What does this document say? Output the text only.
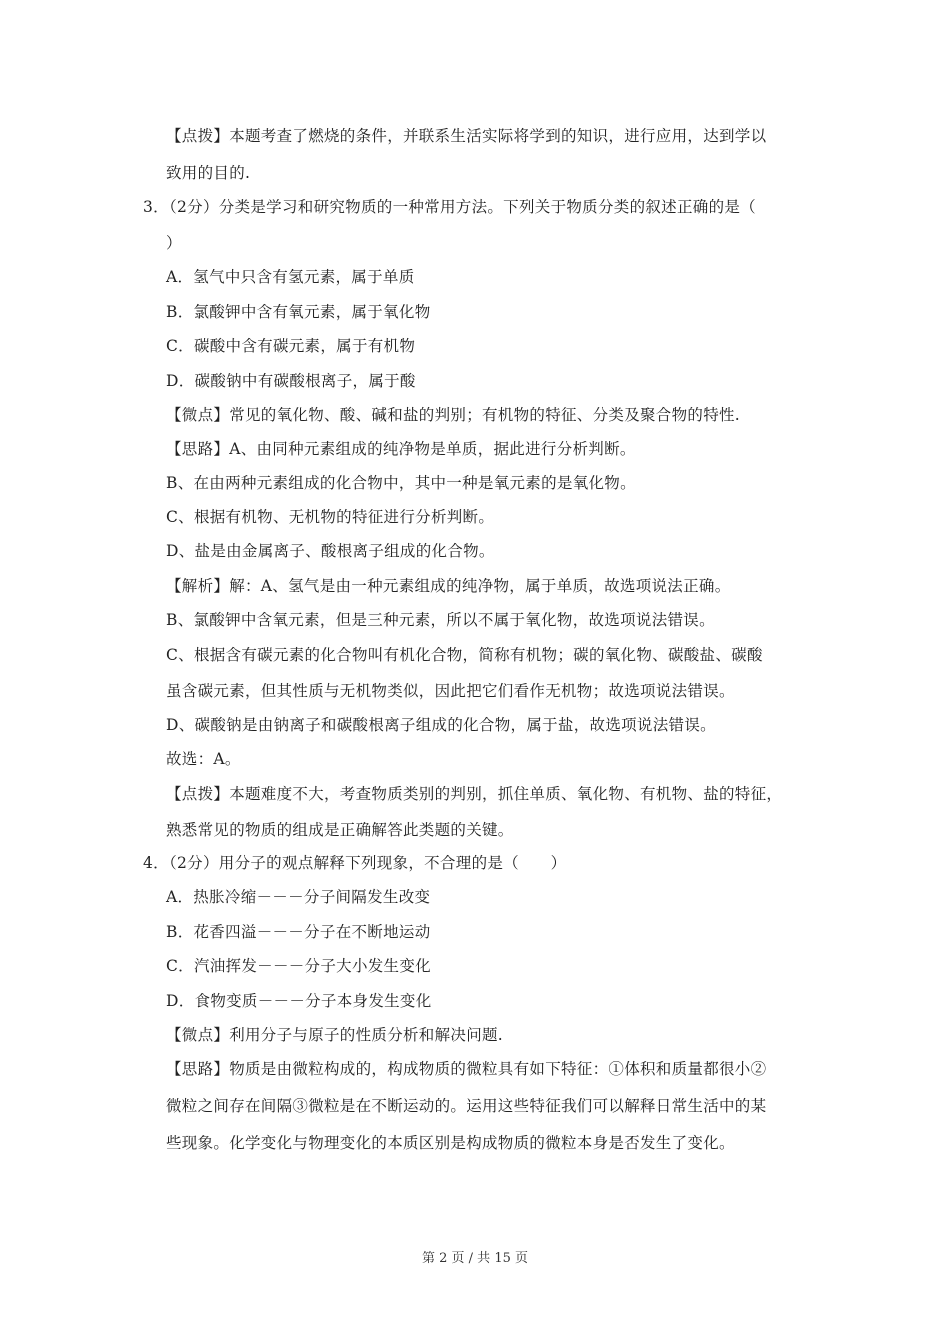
【点拨】本题考查了燃烧的条件，并联系生活实际将学到的知识，进行应用，达到学以
致用的目的.
3．（2分）分类是学习和研究物质的一种常用方法。下列关于物质分类的叙述正确的是（
）
A．氢气中只含有氢元素，属于单质
B．氯酸钾中含有氧元素，属于氧化物
C．碳酸中含有碳元素，属于有机物
D．碳酸钠中有碳酸根离子，属于酸
【微点】常见的氧化物、酸、碱和盐的判别；有机物的特征、分类及聚合物的特性.
【思路】A、由同种元素组成的纯净物是单质，据此进行分析判断。
B、在由两种元素组成的化合物中，其中一种是氧元素的是氧化物。
C、根据有机物、无机物的特征进行分析判断。
D、盐是由金属离子、酸根离子组成的化合物。
【解析】解：A、氢气是由一种元素组成的纯净物，属于单质，故选项说法正确。
B、氯酸钾中含氧元素，但是三种元素，所以不属于氧化物，故选项说法错误。
C、根据含有碳元素的化合物叫有机化合物，简称有机物；碳的氧化物、碳酸盐、碳酸
虽含碳元素，但其性质与无机物类似，因此把它们看作无机物；故选项说法错误。
D、碳酸钠是由钠离子和碳酸根离子组成的化合物，属于盐，故选项说法错误。
故选：A。
【点拨】本题难度不大，考查物质类别的判别，抓住单质、氧化物、有机物、盐的特征，
熟悉常见的物质的组成是正确解答此类题的关键。
4．（2分）用分子的观点解释下列现象，不合理的是（　　）
A．热胀冷缩－－－分子间隔发生改变
B．花香四溢－－－分子在不断地运动
C．汽油挥发－－－分子大小发生变化
D．食物变质－－－分子本身发生变化
【微点】利用分子与原子的性质分析和解决问题.
【思路】物质是由微粒构成的，构成物质的微粒具有如下特征：①体积和质量都很小②
微粒之间存在间隔③微粒是在不断运动的。运用这些特征我们可以解释日常生活中的某
些现象。化学变化与物理变化的本质区别是构成物质的微粒本身是否发生了变化。
第 2 页 / 共 15 页
